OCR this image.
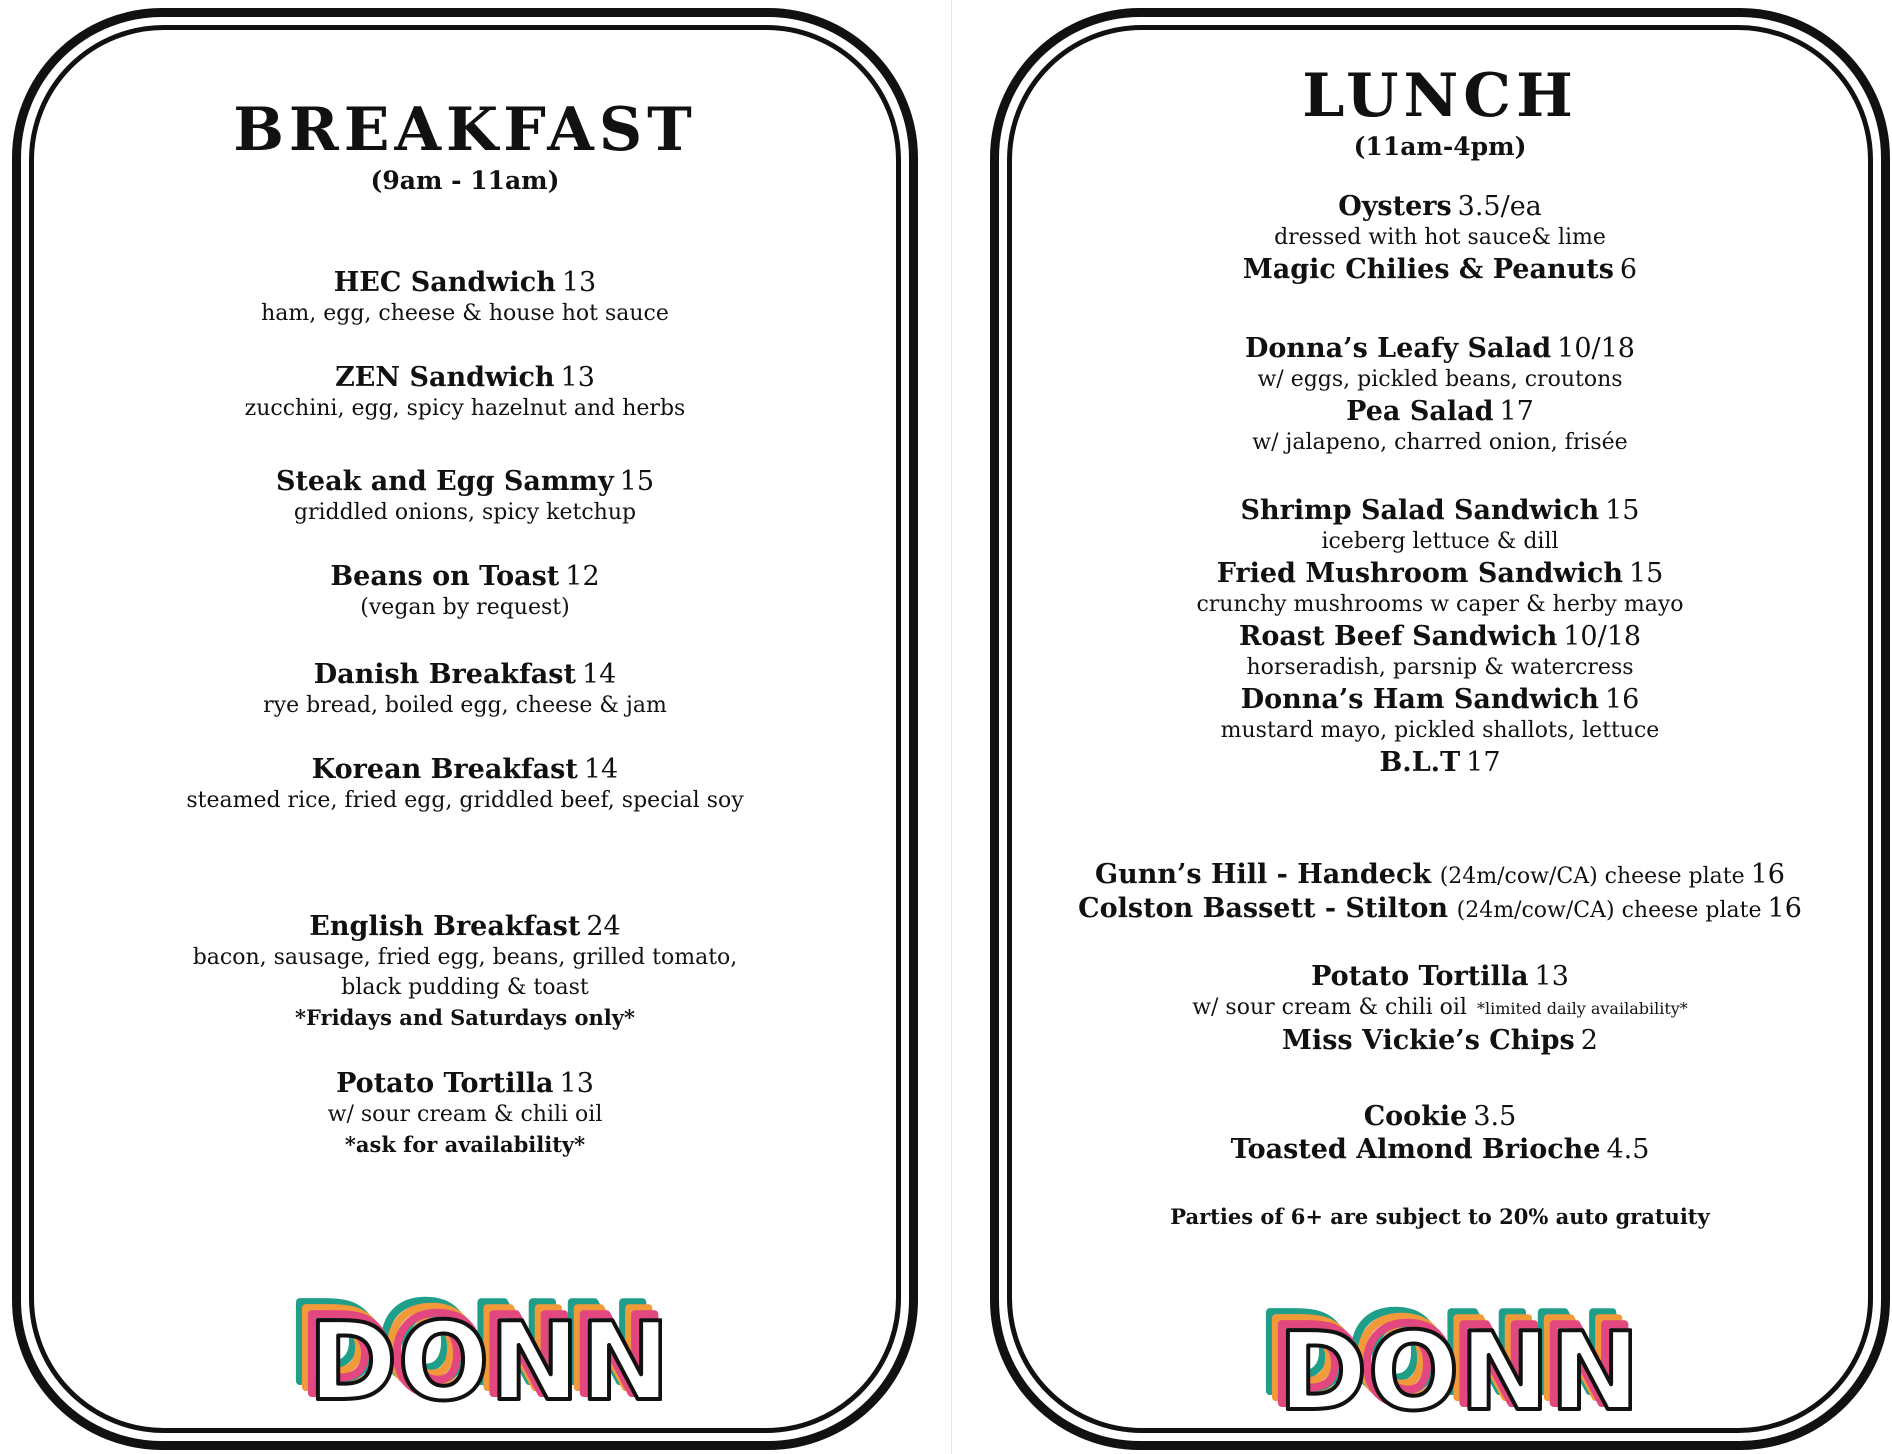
BREAKFAST
(9am - 11am)
HEC Sandwich 13
ham, egg, cheese & house hot sauce
ZEN Sandwich 13
zucchini, egg, spicy hazelnut and herbs
Steak and Egg Sammy 15
griddled onions, spicy ketchup
Beans on Toast 12
(vegan by request)
Danish Breakfast 14
rye bread, boiled egg, cheese & jam
Korean Breakfast 14
steamed rice, fried egg, griddled beef, special soy
English Breakfast 24
bacon, sausage, fried egg, beans, grilled tomato,
black pudding & toast
*Fridays and Saturdays only*
Potato Tortilla 13
w/ sour cream & chili oil
*ask for availability*
DONN
DONN
DONN
DONN
LUNCH
(11am-4pm)
Oysters 3.5/ea
dressed with hot sauce& lime
Magic Chilies & Peanuts 6
Donna’s Leafy Salad 10/18
w/ eggs, pickled beans, croutons
Pea Salad 17
w/ jalapeno, charred onion, frisée
Shrimp Salad Sandwich 15
iceberg lettuce & dill
Fried Mushroom Sandwich 15
crunchy mushrooms w caper & herby mayo
Roast Beef Sandwich 10/18
horseradish, parsnip & watercress
Donna’s Ham Sandwich 16
mustard mayo, pickled shallots, lettuce
B.L.T 17
Gunn’s Hill - Handeck (24m/cow/CA) cheese plate 16
Colston Bassett - Stilton (24m/cow/CA) cheese plate 16
Potato Tortilla 13
w/ sour cream & chili oil *limited daily availability*
Miss Vickie’s Chips 2
Cookie 3.5
Toasted Almond Brioche 4.5
Parties of 6+ are subject to 20% auto gratuity
DONN
DONN
DONN
DONN
